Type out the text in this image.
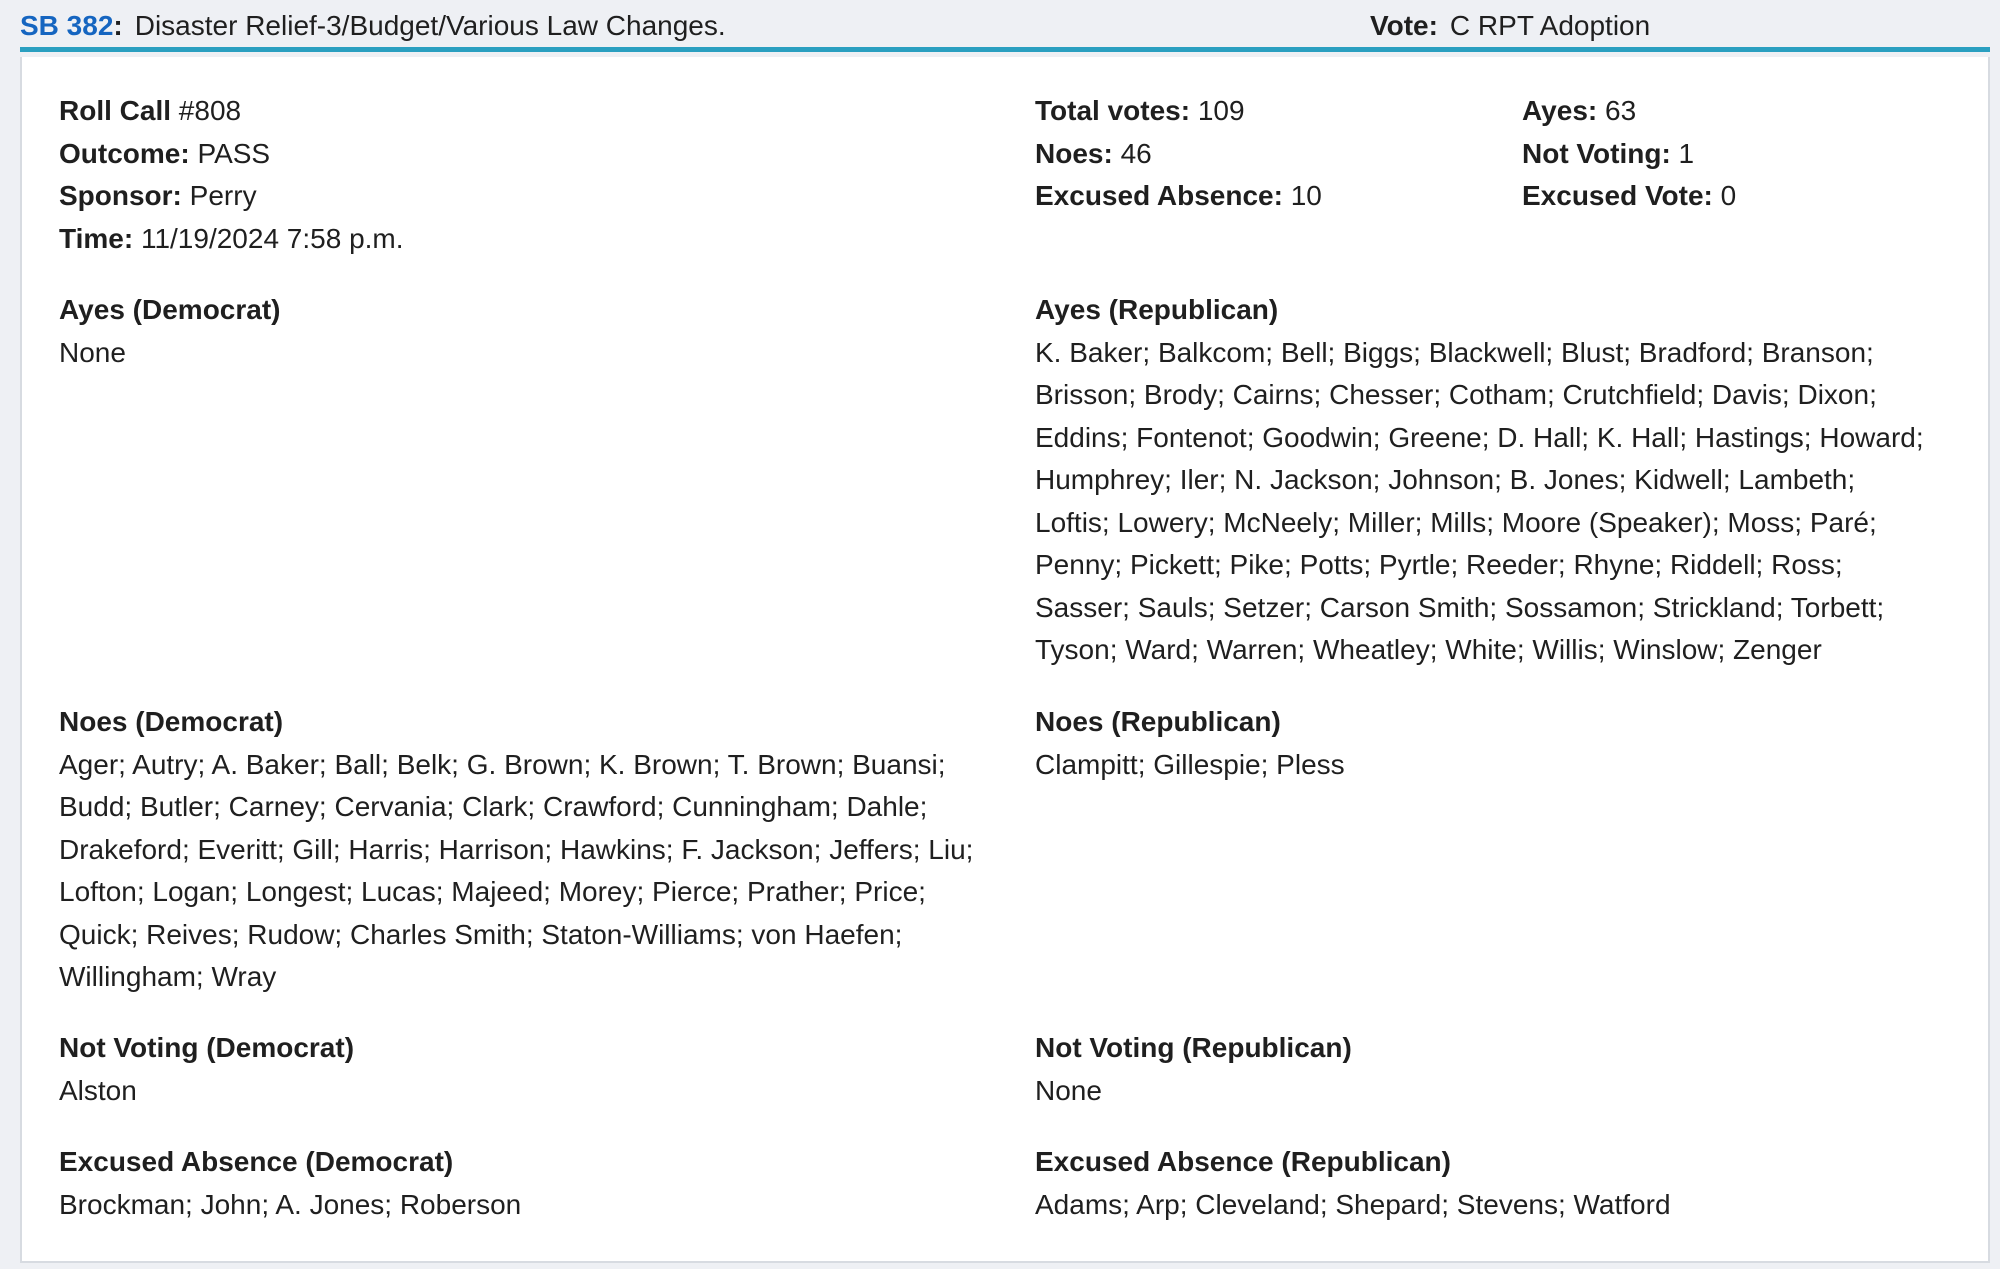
SB 382: Disaster Relief-3/Budget/Various Law Changes.	Vote: C RPT Adoption
Roll Call #808
Outcome: PASS
Sponsor: Perry
Time: 11/19/2024 7:58 p.m.
Total votes: 109
Noes: 46
Excused Absence: 10
Ayes: 63
Not Voting: 1
Excused Vote: 0
Ayes (Democrat)
None
Ayes (Republican)
K. Baker; Balkcom; Bell; Biggs; Blackwell; Blust; Bradford; Branson; Brisson; Brody; Cairns; Chesser; Cotham; Crutchfield; Davis; Dixon; Eddins; Fontenot; Goodwin; Greene; D. Hall; K. Hall; Hastings; Howard; Humphrey; Iler; N. Jackson; Johnson; B. Jones; Kidwell; Lambeth; Loftis; Lowery; McNeely; Miller; Mills; Moore (Speaker); Moss; Paré; Penny; Pickett; Pike; Potts; Pyrtle; Reeder; Rhyne; Riddell; Ross; Sasser; Sauls; Setzer; Carson Smith; Sossamon; Strickland; Torbett; Tyson; Ward; Warren; Wheatley; White; Willis; Winslow; Zenger
Noes (Democrat)
Ager; Autry; A. Baker; Ball; Belk; G. Brown; K. Brown; T. Brown; Buansi; Budd; Butler; Carney; Cervania; Clark; Crawford; Cunningham; Dahle; Drakeford; Everitt; Gill; Harris; Harrison; Hawkins; F. Jackson; Jeffers; Liu; Lofton; Logan; Longest; Lucas; Majeed; Morey; Pierce; Prather; Price; Quick; Reives; Rudow; Charles Smith; Staton-Williams; von Haefen; Willingham; Wray
Noes (Republican)
Clampitt; Gillespie; Pless
Not Voting (Democrat)
Alston
Not Voting (Republican)
None
Excused Absence (Democrat)
Brockman; John; A. Jones; Roberson
Excused Absence (Republican)
Adams; Arp; Cleveland; Shepard; Stevens; Watford
